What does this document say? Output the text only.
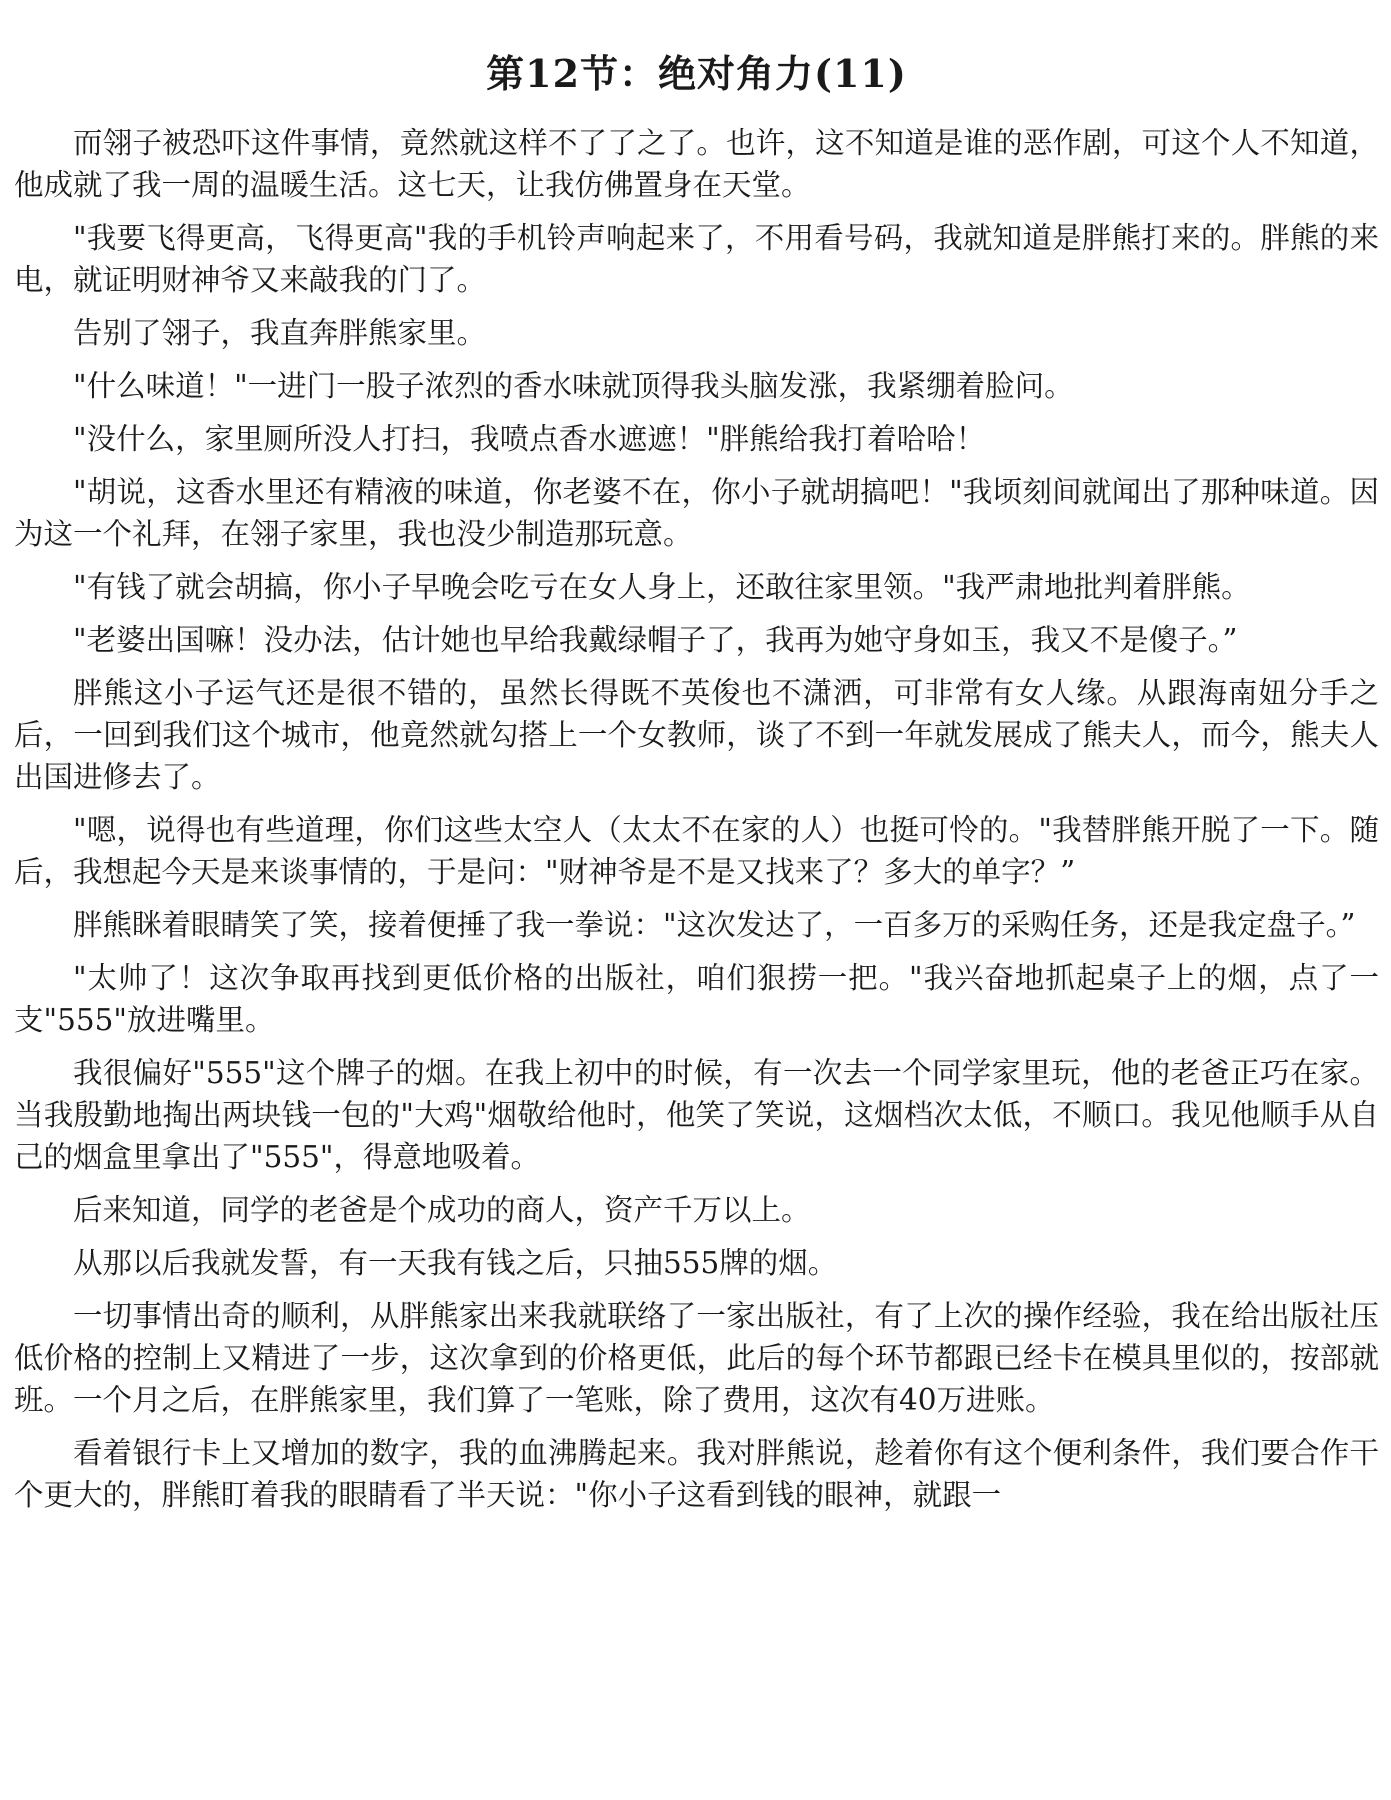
第12节：绝对角力(11)

而翎子被恐吓这件事情，竟然就这样不了了之了。也许，这不知道是谁的恶作剧，可这个人不知道，他成就了我一周的温暖生活。这七天，让我仿佛置身在天堂。

"我要飞得更高，飞得更高"我的手机铃声响起来了，不用看号码，我就知道是胖熊打来的。胖熊的来电，就证明财神爷又来敲我的门了。

告别了翎子，我直奔胖熊家里。

"什么味道！"一进门一股子浓烈的香水味就顶得我头脑发涨，我紧绷着脸问。

"没什么，家里厕所没人打扫，我喷点香水遮遮！"胖熊给我打着哈哈！

"胡说，这香水里还有精液的味道，你老婆不在，你小子就胡搞吧！"我顷刻间就闻出了那种味道。因为这一个礼拜，在翎子家里，我也没少制造那玩意。

"有钱了就会胡搞，你小子早晚会吃亏在女人身上，还敢往家里领。"我严肃地批判着胖熊。

"老婆出国嘛！没办法，估计她也早给我戴绿帽子了，我再为她守身如玉，我又不是傻子。”

胖熊这小子运气还是很不错的，虽然长得既不英俊也不潇洒，可非常有女人缘。从跟海南妞分手之后，一回到我们这个城市，他竟然就勾搭上一个女教师，谈了不到一年就发展成了熊夫人，而今，熊夫人出国进修去了。

"嗯，说得也有些道理，你们这些太空人（太太不在家的人）也挺可怜的。"我替胖熊开脱了一下。随后，我想起今天是来谈事情的，于是问："财神爷是不是又找来了？多大的单字？”

胖熊眯着眼睛笑了笑，接着便捶了我一拳说："这次发达了，一百多万的采购任务，还是我定盘子。”

"太帅了！这次争取再找到更低价格的出版社，咱们狠捞一把。"我兴奋地抓起桌子上的烟，点了一支"555"放进嘴里。

我很偏好"555"这个牌子的烟。在我上初中的时候，有一次去一个同学家里玩，他的老爸正巧在家。当我殷勤地掏出两块钱一包的"大鸡"烟敬给他时，他笑了笑说，这烟档次太低，不顺口。我见他顺手从自己的烟盒里拿出了"555"，得意地吸着。

后来知道，同学的老爸是个成功的商人，资产千万以上。

从那以后我就发誓，有一天我有钱之后，只抽555牌的烟。

一切事情出奇的顺利，从胖熊家出来我就联络了一家出版社，有了上次的操作经验，我在给出版社压低价格的控制上又精进了一步，这次拿到的价格更低，此后的每个环节都跟已经卡在模具里似的，按部就班。一个月之后，在胖熊家里，我们算了一笔账，除了费用，这次有40万进账。

看着银行卡上又增加的数字，我的血沸腾起来。我对胖熊说，趁着你有这个便利条件，我们要合作干个更大的，胖熊盯着我的眼睛看了半天说："你小子这看到钱的眼神，就跟一
